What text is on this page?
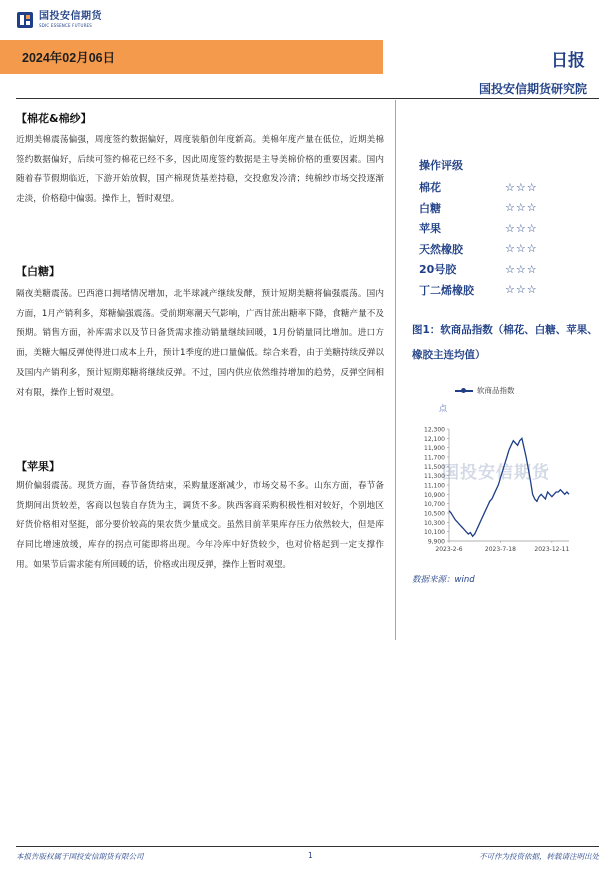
国投安信期货
SDIC ESSENCE FUTURES
2024年02月06日	日报
国投安信期货研究院
【棉花&棉纱】
近期美棉震荡偏强，周度签约数据偏好，周度装船创年度新高。美棉年度产量在低位，近期美棉签约数据偏好，后续可签约棉花已经不多，因此周度签约数据是主导美棉价格的重要因素。国内随着春节假期临近，下游开始放假，国产棉现货基差持稳，交投愈发冷清；纯棉纱市场交投逐渐走淡，价格稳中偏弱。操作上，暂时观望。
【白糖】
隔夜美糖震荡。巴西港口拥堵情况增加，北半球减产继续发酵，预计短期美糖将偏强震荡。国内方面，1月产销利多，郑糖偏强震荡。受前期寒潮天气影响，广西甘蔗出糖率下降，食糖产量不及预期。销售方面，补库需求以及节日备货需求推动销量继续回暖，1月份销量同比增加。进口方面，美糖大幅反弹使得进口成本上升，预计1季度的进口量偏低。综合来看，由于美糖持续反弹以及国内产销利多，预计短期郑糖将继续反弹。不过，国内供应依然维持增加的趋势，反弹空间相对有限，操作上暂时观望。
【苹果】
期价偏弱震荡。现货方面，春节备货结束，采购量逐渐减少，市场交易不多。山东方面，春节备货期间出货较差，客商以包装自存货为主，调货不多。陕西客商采购积极性相对较好，个别地区好货价格相对坚挺，部分要价较高的果农货少量成交。虽然目前苹果库存压力依然较大，但是库存同比增速放缓，库存的拐点可能即将出现。今年冷库中好货较少，也对价格起到一定支撑作用。如果节后需求能有所回暖的话，价格或出现反弹，操作上暂时观望。
操作评级
棉花	☆☆☆
白糖	☆☆☆
苹果	☆☆☆
天然橡胶	☆☆☆
20号胶	☆☆☆
丁二烯橡胶	☆☆☆
图1：软商品指数（棉花、白糖、苹果、橡胶主连均值）
软商品指数
点
国投安信期货
9,900
10,100
10,300
10,500
10,700
10,900
11,100
11,300
11,500
11,700
11,900
12,100
12,300
2023-2-6	2023-7-18	2023-12-11
数据来源：wind
本报告版权属于国投安信期货有限公司	1	不可作为投资依据，转载请注明出处
